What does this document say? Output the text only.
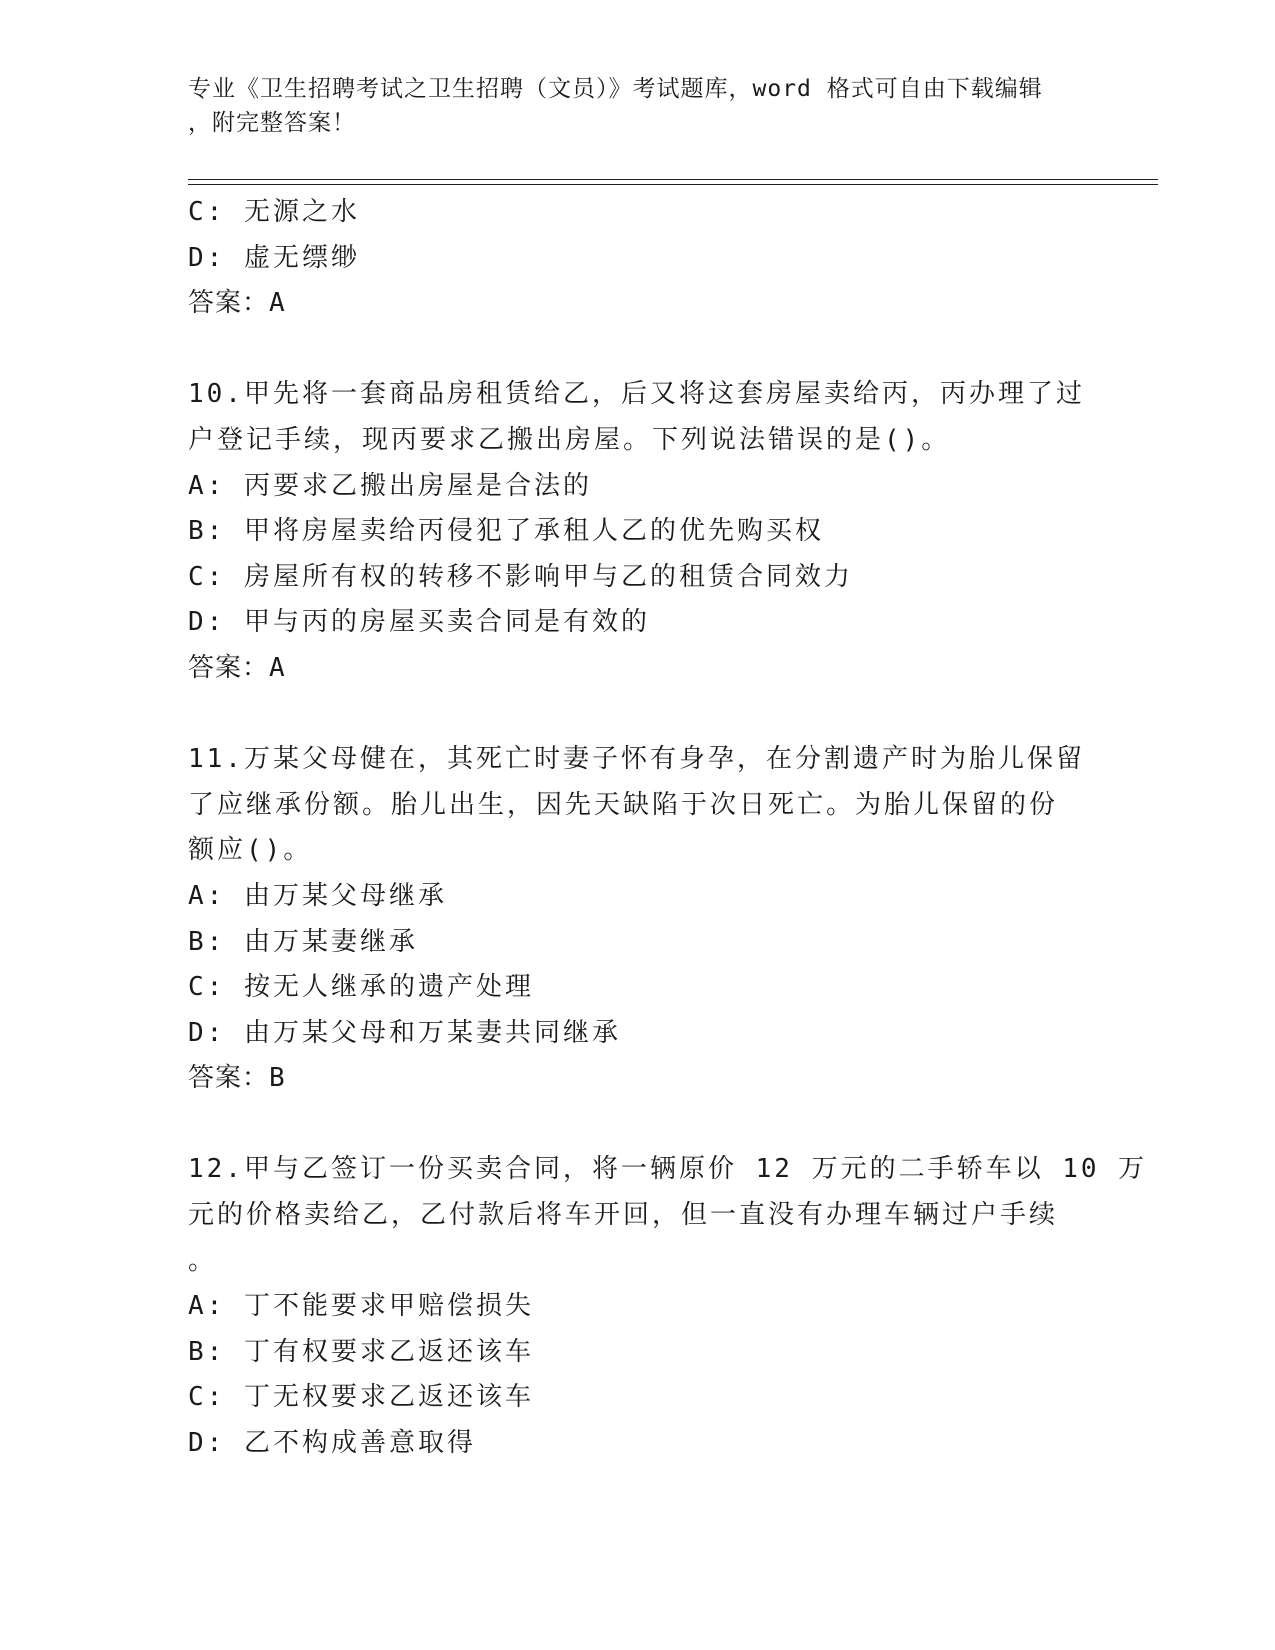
专业《卫生招聘考试之卫生招聘（文员）》考试题库，word 格式可自由下载编辑
，附完整答案！
C: 无源之水
D: 虚无缥缈
答案：A
10.甲先将一套商品房租赁给乙，后又将这套房屋卖给丙，丙办理了过
户登记手续，现丙要求乙搬出房屋。下列说法错误的是()。
A: 丙要求乙搬出房屋是合法的
B: 甲将房屋卖给丙侵犯了承租人乙的优先购买权
C: 房屋所有权的转移不影响甲与乙的租赁合同效力
D: 甲与丙的房屋买卖合同是有效的
答案：A
11.万某父母健在，其死亡时妻子怀有身孕，在分割遗产时为胎儿保留
了应继承份额。胎儿出生，因先天缺陷于次日死亡。为胎儿保留的份
额应()。
A: 由万某父母继承
B: 由万某妻继承
C: 按无人继承的遗产处理
D: 由万某父母和万某妻共同继承
答案：B
12.甲与乙签订一份买卖合同，将一辆原价 12 万元的二手轿车以 10 万
元的价格卖给乙，乙付款后将车开回，但一直没有办理车辆过户手续
。
A: 丁不能要求甲赔偿损失
B: 丁有权要求乙返还该车
C: 丁无权要求乙返还该车
D: 乙不构成善意取得
